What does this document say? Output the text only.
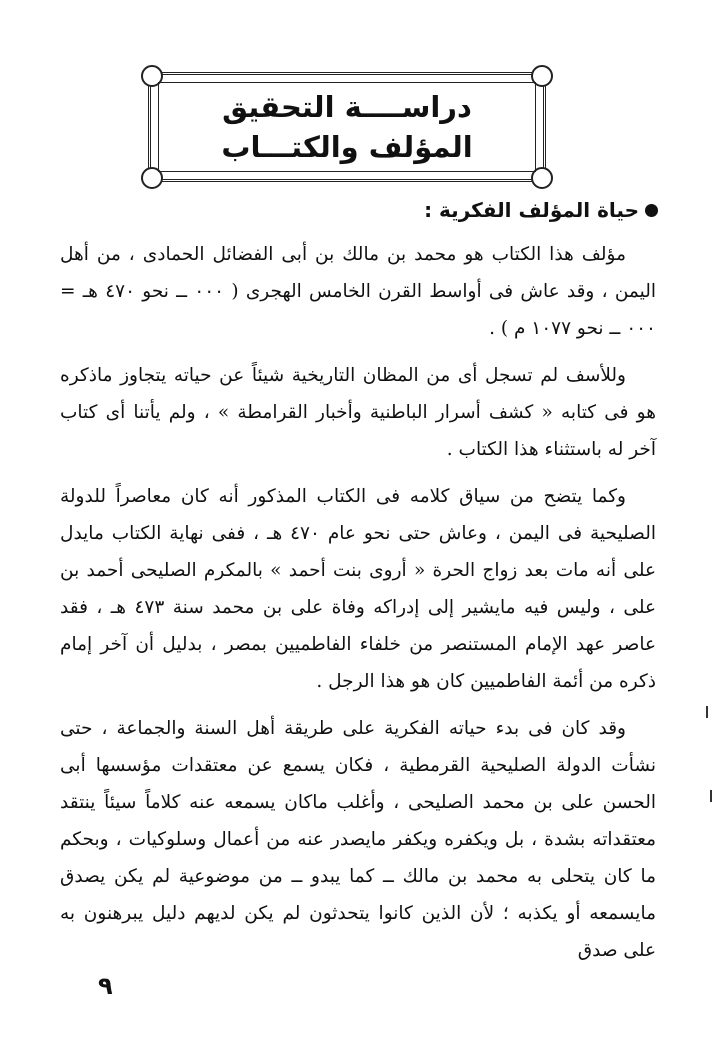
دراســــة التحقيق
المؤلف والكتـــاب
حياة المؤلف الفكرية :

مؤلف هذا الكتاب هو محمد بن مالك بن أبى الفضائل الحمادى ، من أهل اليمن ، وقد عاش فى أواسط القرن الخامس الهجرى ( ٠٠٠ ــ نحو ٤٧٠ هـ = ٠٠٠ ــ نحو ١٠٧٧ م ) .

وللأسف لم تسجل أى من المظان التاريخية شيئاً عن حياته يتجاوز ماذكره هو فى كتابه « كشف أسرار الباطنية وأخبار القرامطة » ، ولم يأتنا أى كتاب آخر له باستثناء هذا الكتاب .

وكما يتضح من سياق كلامه فى الكتاب المذكور أنه كان معاصراً للدولة الصليحية فى اليمن ، وعاش حتى نحو عام ٤٧٠ هـ ، ففى نهاية الكتاب مايدل على أنه مات بعد زواج الحرة « أروى بنت أحمد » بالمكرم الصليحى أحمد بن على ، وليس فيه مايشير إلى إدراكه وفاة على بن محمد سنة ٤٧٣ هـ ، فقد عاصر عهد الإمام المستنصر من خلفاء الفاطميين بمصر ، بدليل أن آخر إمام ذكره من أئمة الفاطميين كان هو هذا الرجل .

وقد كان فى بدء حياته الفكرية على طريقة أهل السنة والجماعة ، حتى نشأت الدولة الصليحية القرمطية ، فكان يسمع عن معتقدات مؤسسها أبى الحسن على بن محمد الصليحى ، وأغلب ماكان يسمعه عنه كلاماً سيئاً ينتقد معتقداته بشدة ، بل ويكفره ويكفر مايصدر عنه من أعمال وسلوكيات ، وبحكم ما كان يتحلى به محمد بن مالك ــ كما يبدو ــ من موضوعية لم يكن يصدق مايسمعه أو يكذبه ؛ لأن الذين كانوا يتحدثون لم يكن لديهم دليل يبرهنون به على صدق

٩
